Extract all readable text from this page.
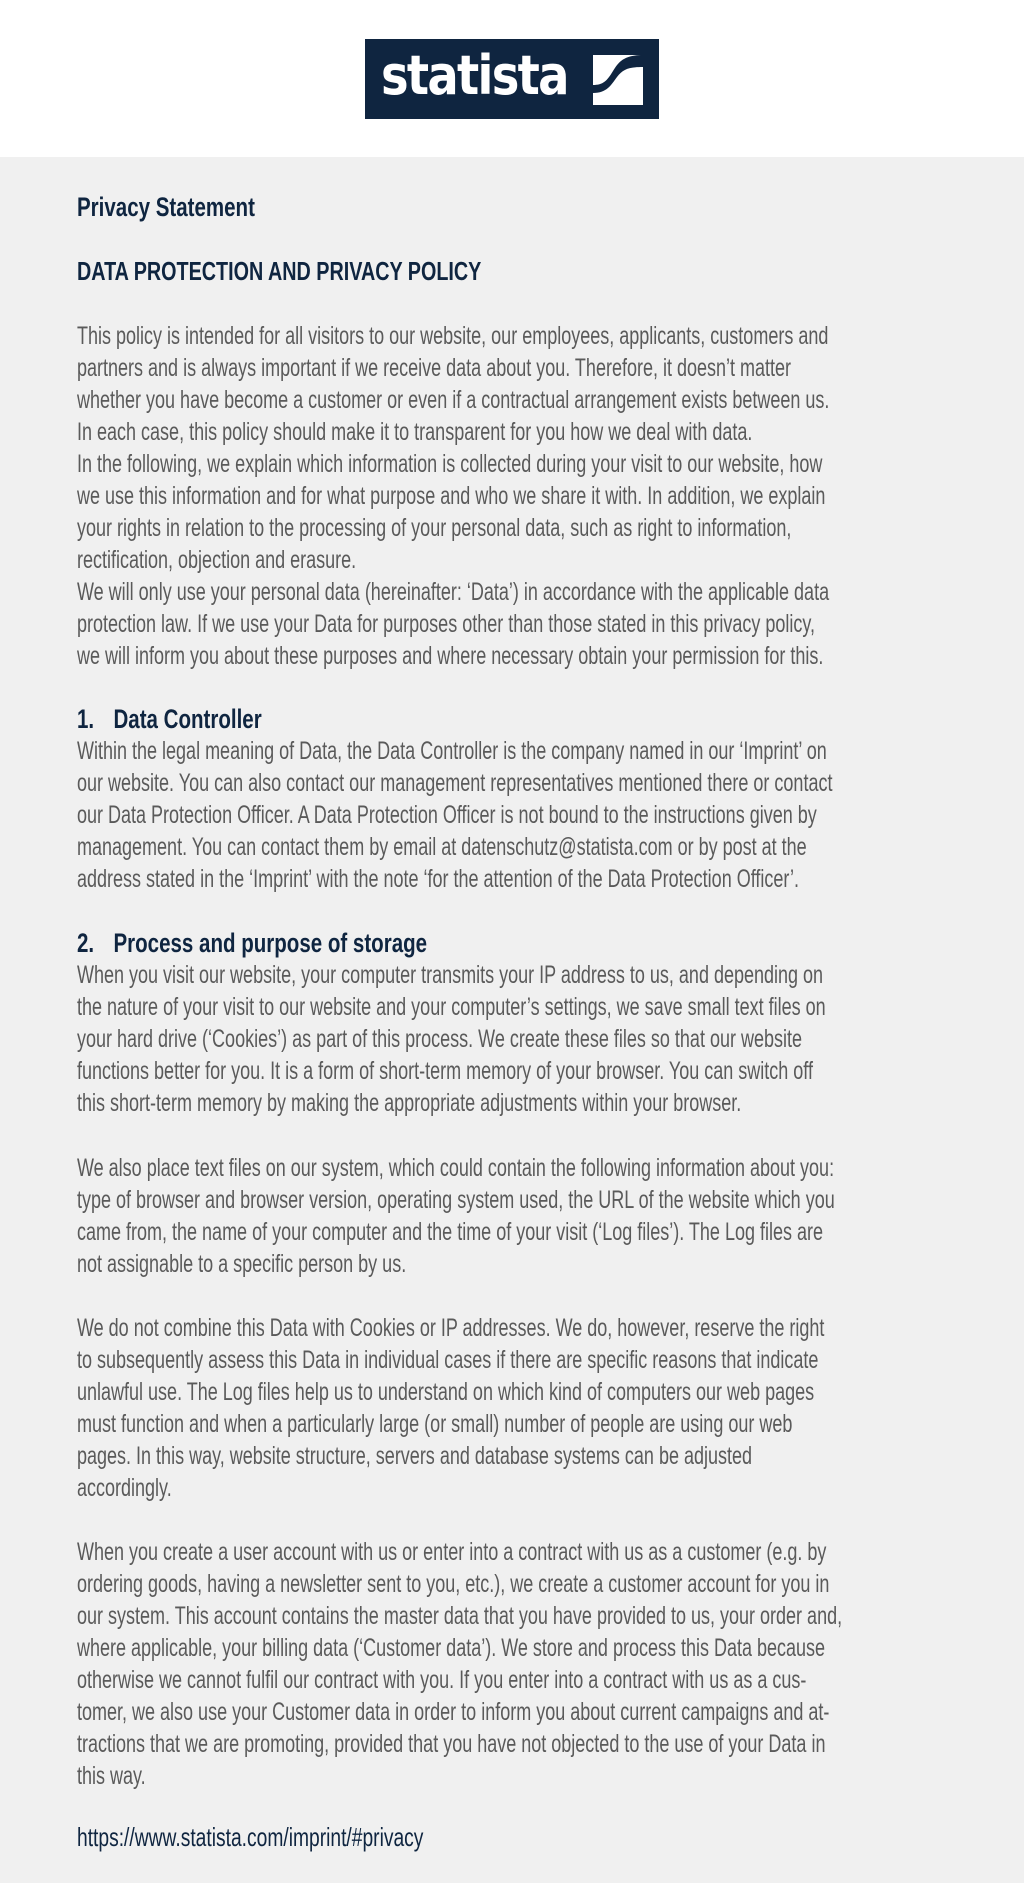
statista
Privacy Statement
DATA PROTECTION AND PRIVACY POLICY
This policy is intended for all visitors to our website, our employees, applicants, customers and
partners and is always important if we receive data about you. Therefore, it doesn’t matter
whether you have become a customer or even if a contractual arrangement exists between us.
In each case, this policy should make it to transparent for you how we deal with data.
In the following, we explain which information is collected during your visit to our website, how
we use this information and for what purpose and who we share it with. In addition, we explain
your rights in relation to the processing of your personal data, such as right to information,
rectification, objection and erasure.
We will only use your personal data (hereinafter: ‘Data’) in accordance with the applicable data
protection law. If we use your Data for purposes other than those stated in this privacy policy,
we will inform you about these purposes and where necessary obtain your permission for this.
1. Data Controller
Within the legal meaning of Data, the Data Controller is the company named in our ‘Imprint’ on
our website. You can also contact our management representatives mentioned there or contact
our Data Protection Officer. A Data Protection Officer is not bound to the instructions given by
management. You can contact them by email at datenschutz@statista.com or by post at the
address stated in the ‘Imprint’ with the note ‘for the attention of the Data Protection Officer’.
2. Process and purpose of storage
When you visit our website, your computer transmits your IP address to us, and depending on
the nature of your visit to our website and your computer’s settings, we save small text files on
your hard drive (‘Cookies’) as part of this process. We create these files so that our website
functions better for you. It is a form of short-term memory of your browser. You can switch off
this short-term memory by making the appropriate adjustments within your browser.
We also place text files on our system, which could contain the following information about you:
type of browser and browser version, operating system used, the URL of the website which you
came from, the name of your computer and the time of your visit (‘Log files’). The Log files are
not assignable to a specific person by us.
We do not combine this Data with Cookies or IP addresses. We do, however, reserve the right
to subsequently assess this Data in individual cases if there are specific reasons that indicate
unlawful use. The Log files help us to understand on which kind of computers our web pages
must function and when a particularly large (or small) number of people are using our web
pages. In this way, website structure, servers and database systems can be adjusted
accordingly.
When you create a user account with us or enter into a contract with us as a customer (e.g. by
ordering goods, having a newsletter sent to you, etc.), we create a customer account for you in
our system. This account contains the master data that you have provided to us, your order and,
where applicable, your billing data (‘Customer data’). We store and process this Data because
otherwise we cannot fulfil our contract with you. If you enter into a contract with us as a cus-
tomer, we also use your Customer data in order to inform you about current campaigns and at-
tractions that we are promoting, provided that you have not objected to the use of your Data in
this way.
https://www.statista.com/imprint/#privacy
